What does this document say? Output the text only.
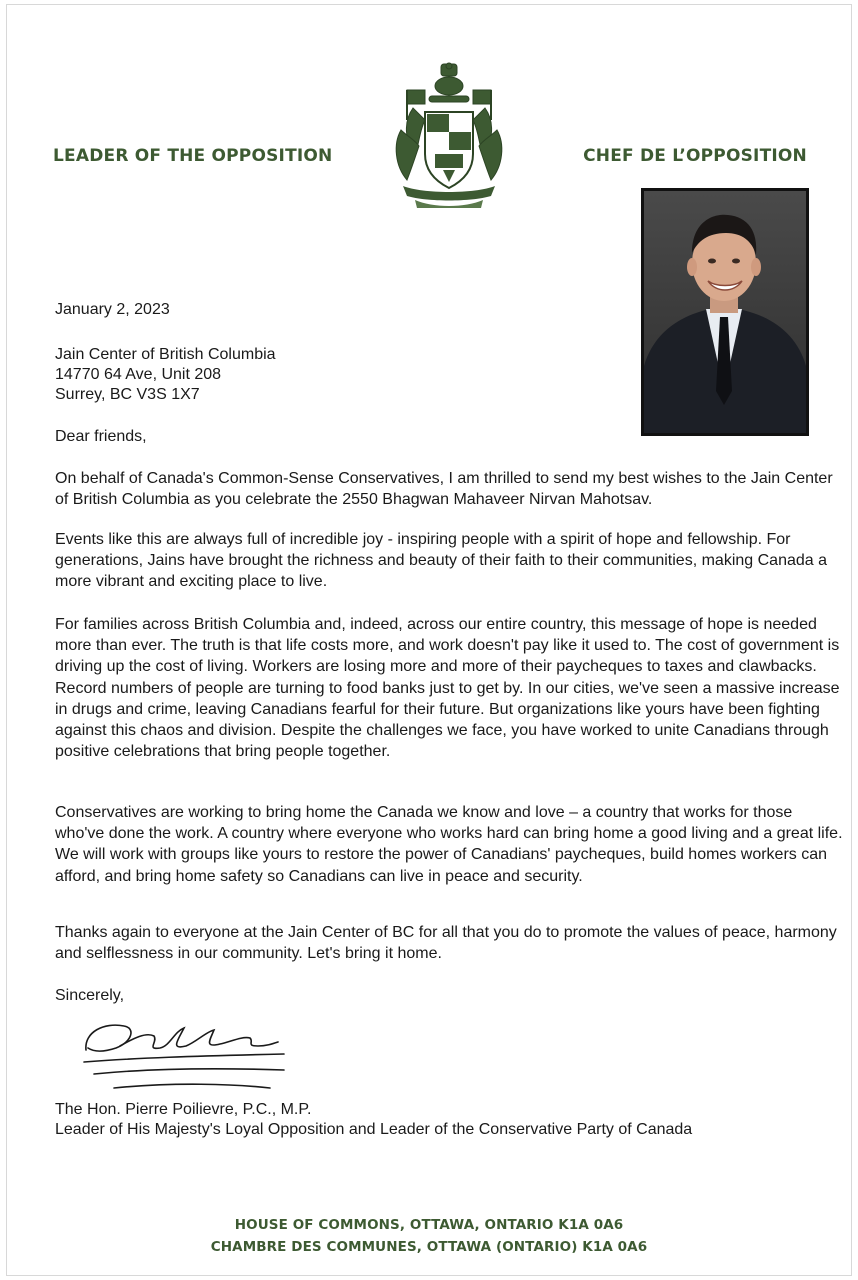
LEADER OF THE OPPOSITION	CHEF DE L’OPPOSITION
January 2, 2023
Jain Center of British Columbia
14770 64 Ave, Unit 208
Surrey, BC V3S 1X7
Dear friends,

On behalf of Canada's Common-Sense Conservatives, I am thrilled to send my best wishes to the Jain Center of British Columbia as you celebrate the 2550 Bhagwan Mahaveer Nirvan Mahotsav.

Events like this are always full of incredible joy - inspiring people with a spirit of hope and fellowship. For generations, Jains have brought the richness and beauty of their faith to their communities, making Canada a more vibrant and exciting place to live.

For families across British Columbia and, indeed, across our entire country, this message of hope is needed more than ever. The truth is that life costs more, and work doesn't pay like it used to. The cost of government is driving up the cost of living. Workers are losing more and more of their paycheques to taxes and clawbacks. Record numbers of people are turning to food banks just to get by. In our cities, we've seen a massive increase in drugs and crime, leaving Canadians fearful for their future. But organizations like yours have been fighting against this chaos and division. Despite the challenges we face, you have worked to unite Canadians through positive celebrations that bring people together.

Conservatives are working to bring home the Canada we know and love – a country that works for those who've done the work. A country where everyone who works hard can bring home a good living and a great life. We will work with groups like yours to restore the power of Canadians' paycheques, build homes workers can afford, and bring home safety so Canadians can live in peace and security.

Thanks again to everyone at the Jain Center of BC for all that you do to promote the values of peace, harmony and selflessness in our community. Let's bring it home.

Sincerely,
The Hon. Pierre Poilievre, P.C., M.P.
Leader of His Majesty's Loyal Opposition and Leader of the Conservative Party of Canada
HOUSE OF COMMONS, OTTAWA, ONTARIO K1A 0A6
CHAMBRE DES COMMUNES, OTTAWA (ONTARIO) K1A 0A6
